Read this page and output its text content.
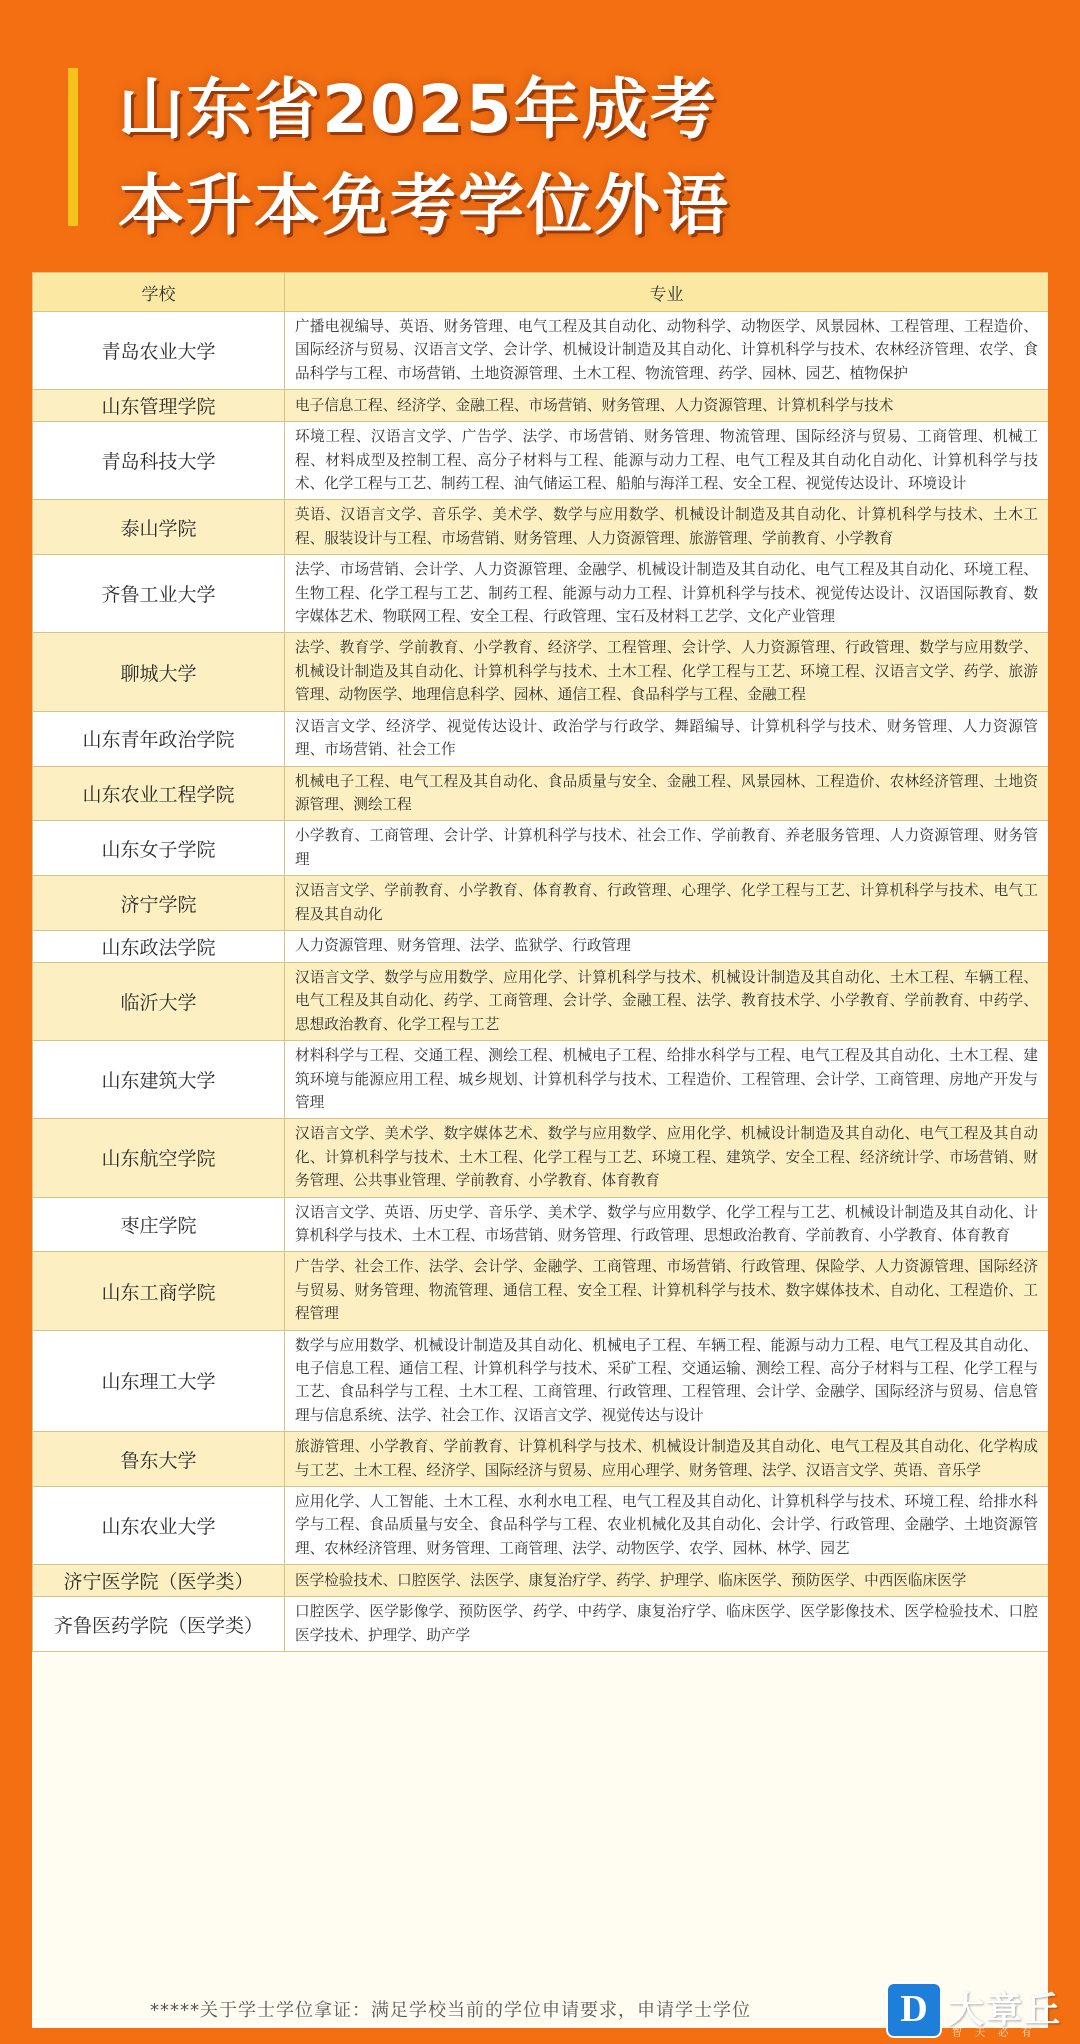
山东省2025年成考
本升本免考学位外语
学校	专业
青岛农业大学	广播电视编导、英语、财务管理、电气工程及其自动化、动物科学、动物医学、风景园林、工程管理、工程造价、国际经济与贸易、汉语言文学、会计学、机械设计制造及其自动化、计算机科学与技术、农林经济管理、农学、食品科学与工程、市场营销、土地资源管理、土木工程、物流管理、药学、园林、园艺、植物保护
山东管理学院	电子信息工程、经济学、金融工程、市场营销、财务管理、人力资源管理、计算机科学与技术
青岛科技大学	环境工程、汉语言文学、广告学、法学、市场营销、财务管理、物流管理、国际经济与贸易、工商管理、机械工程、材料成型及控制工程、高分子材料与工程、能源与动力工程、电气工程及其自动化自动化、计算机科学与技术、化学工程与工艺、制药工程、油气储运工程、船舶与海洋工程、安全工程、视觉传达设计、环境设计
泰山学院	英语、汉语言文学、音乐学、美术学、数学与应用数学、机械设计制造及其自动化、计算机科学与技术、土木工程、服装设计与工程、市场营销、财务管理、人力资源管理、旅游管理、学前教育、小学教育
齐鲁工业大学	法学、市场营销、会计学、人力资源管理、金融学、机械设计制造及其自动化、电气工程及其自动化、环境工程、生物工程、化学工程与工艺、制药工程、能源与动力工程、计算机科学与技术、视觉传达设计、汉语国际教育、数字媒体艺术、物联网工程、安全工程、行政管理、宝石及材料工艺学、文化产业管理
聊城大学	法学、教育学、学前教育、小学教育、经济学、工程管理、会计学、人力资源管理、行政管理、数学与应用数学、机械设计制造及其自动化、计算机科学与技术、土木工程、化学工程与工艺、环境工程、汉语言文学、药学、旅游管理、动物医学、地理信息科学、园林、通信工程、食品科学与工程、金融工程
山东青年政治学院	汉语言文学、经济学、视觉传达设计、政治学与行政学、舞蹈编导、计算机科学与技术、财务管理、人力资源管理、市场营销、社会工作
山东农业工程学院	机械电子工程、电气工程及其自动化、食品质量与安全、金融工程、风景园林、工程造价、农林经济管理、土地资源管理、测绘工程
山东女子学院	小学教育、工商管理、会计学、计算机科学与技术、社会工作、学前教育、养老服务管理、人力资源管理、财务管理
济宁学院	汉语言文学、学前教育、小学教育、体育教育、行政管理、心理学、化学工程与工艺、计算机科学与技术、电气工程及其自动化
山东政法学院	人力资源管理、财务管理、法学、监狱学、行政管理
临沂大学	汉语言文学、数学与应用数学、应用化学、计算机科学与技术、机械设计制造及其自动化、土木工程、车辆工程、电气工程及其自动化、药学、工商管理、会计学、金融工程、法学、教育技术学、小学教育、学前教育、中药学、思想政治教育、化学工程与工艺
山东建筑大学	材料科学与工程、交通工程、测绘工程、机械电子工程、给排水科学与工程、电气工程及其自动化、土木工程、建筑环境与能源应用工程、城乡规划、计算机科学与技术、工程造价、工程管理、会计学、工商管理、房地产开发与管理
山东航空学院	汉语言文学、美术学、数字媒体艺术、数学与应用数学、应用化学、机械设计制造及其自动化、电气工程及其自动化、计算机科学与技术、土木工程、化学工程与工艺、环境工程、建筑学、安全工程、经济统计学、市场营销、财务管理、公共事业管理、学前教育、小学教育、体育教育
枣庄学院	汉语言文学、英语、历史学、音乐学、美术学、数学与应用数学、化学工程与工艺、机械设计制造及其自动化、计算机科学与技术、土木工程、市场营销、财务管理、行政管理、思想政治教育、学前教育、小学教育、体育教育
山东工商学院	广告学、社会工作、法学、会计学、金融学、工商管理、市场营销、行政管理、保险学、人力资源管理、国际经济与贸易、财务管理、物流管理、通信工程、安全工程、计算机科学与技术、数字媒体技术、自动化、工程造价、工程管理
山东理工大学	数学与应用数学、机械设计制造及其自动化、机械电子工程、车辆工程、能源与动力工程、电气工程及其自动化、电子信息工程、通信工程、计算机科学与技术、采矿工程、交通运输、测绘工程、高分子材料与工程、化学工程与工艺、食品科学与工程、土木工程、工商管理、行政管理、工程管理、会计学、金融学、国际经济与贸易、信息管理与信息系统、法学、社会工作、汉语言文学、视觉传达与设计
鲁东大学	旅游管理、小学教育、学前教育、计算机科学与技术、机械设计制造及其自动化、电气工程及其自动化、化学构成与工艺、土木工程、经济学、国际经济与贸易、应用心理学、财务管理、法学、汉语言文学、英语、音乐学
山东农业大学	应用化学、人工智能、土木工程、水利水电工程、电气工程及其自动化、计算机科学与技术、环境工程、给排水科学与工程、食品质量与安全、食品科学与工程、农业机械化及其自动化、会计学、行政管理、金融学、土地资源管理、农林经济管理、财务管理、工商管理、法学、动物医学、农学、园林、林学、园艺
济宁医学院（医学类）	医学检验技术、口腔医学、法医学、康复治疗学、药学、护理学、临床医学、预防医学、中西医临床医学
齐鲁医药学院（医学类）	口腔医学、医学影像学、预防医学、药学、中药学、康复治疗学、临床医学、医学影像技术、医学检验技术、口腔医学技术、护理学、助产学
*****关于学士学位拿证：满足学校当前的学位申请要求，申请学士学位	D 大章丘
智 天 必 有
